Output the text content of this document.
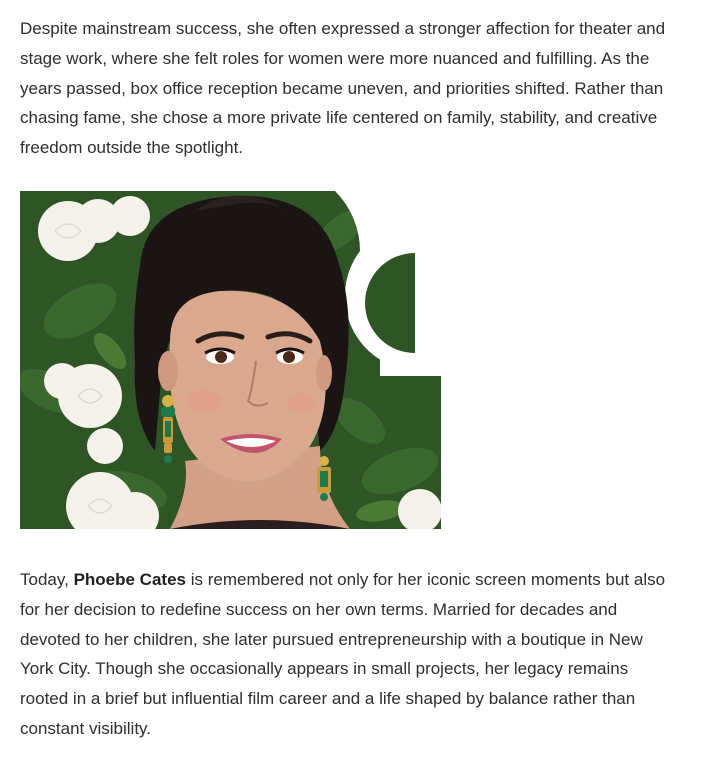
Despite mainstream success, she often expressed a stronger affection for theater and stage work, where she felt roles for women were more nuanced and fulfilling. As the years passed, box office reception became uneven, and priorities shifted. Rather than chasing fame, she chose a more private life centered on family, stability, and creative freedom outside the spotlight.

Today, Phoebe Cates is remembered not only for her iconic screen moments but also for her decision to redefine success on her own terms. Married for decades and devoted to her children, she later pursued entrepreneurship with a boutique in New York City. Though she occasionally appears in small projects, her legacy remains rooted in a brief but influential film career and a life shaped by balance rather than constant visibility.
